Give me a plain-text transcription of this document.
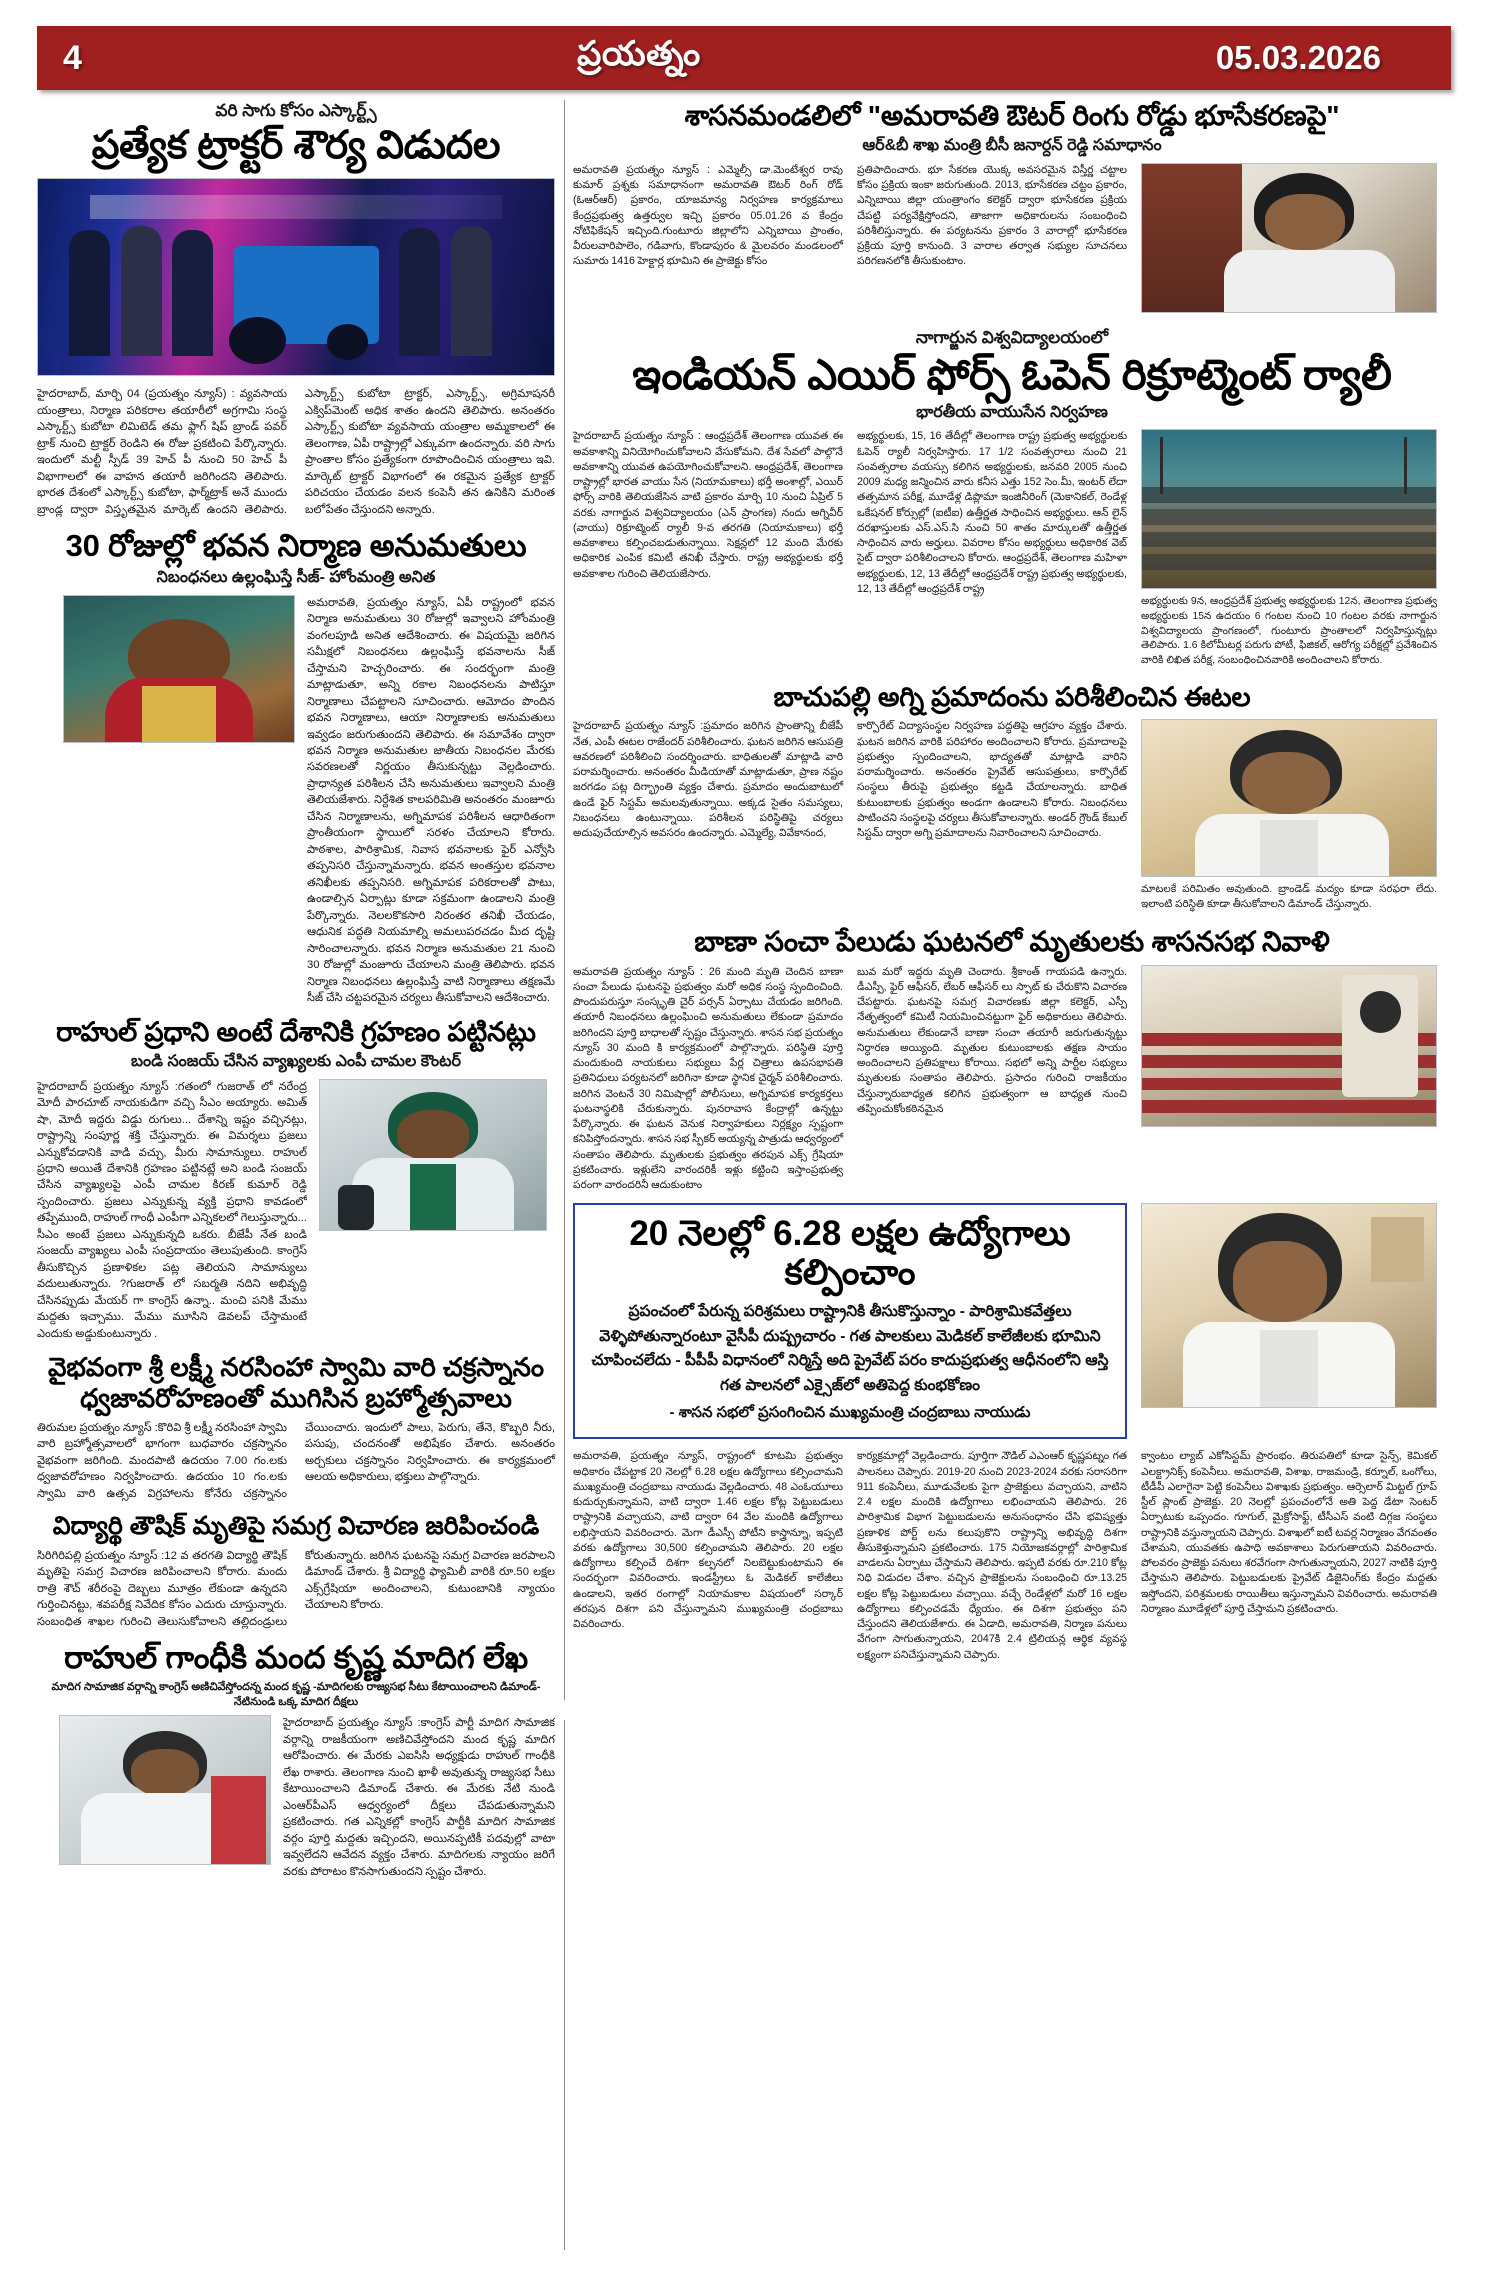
4	ప్రయత్నం	05.03.2026
వరి సాగు కోసం ఎస్కార్ట్స్
ప్రత్యేక ట్రాక్టర్ శౌర్య విడుదల
హైదరాబాద్, మార్చి 04 (ప్రయత్నం న్యూస్) : వ్యవసాయ యంత్రాలు, నిర్మాణ పరికరాల తయారీలో అగ్రగామి సంస్థ ఎస్కార్ట్స్ కుబోటా లిమిటెడ్ తమ ఫ్లాగ్ షిప్ బ్రాండ్ పవర్ ట్రాక్ నుంచి ట్రాక్టర్ రెండిని ఈ రోజు ప్రకటించి పేర్కొన్నారు. ఇందులో మల్టీ స్పీడ్ 39 హెచ్ పీ నుంచి 50 హెచ్ పీ విభాగాలలో ఈ వాహన తయారీ జరిగిందని తెలిపారు. భారత దేశంలో ఎస్కార్ట్స్ కుబోటా, ఫార్మ్‌ట్రాక్ అనే ముందు బ్రాండ్ల ద్వారా విస్తృతమైన మార్కెట్ ఉందని తెలిపారు. ఎస్కార్ట్స్ కుబోటా ట్రాక్టర్, ఎస్కార్ట్స్, అగ్రిమాషనరీ ఎక్విప్‌మెంట్ అధిక శాతం ఉందని తెలిపారు. అనంతరం ఎస్కార్ట్స్ కుబోటా వ్యవసాయ యంత్రాల అమ్మకాలలో ఈ తెలంగాణ, ఏపీ రాష్ట్రాల్లో ఎక్కువగా ఉందన్నారు. వరి సాగు ప్రాంతాల కోసం ప్రత్యేకంగా రూపొందించిన యంత్రాలు ఇవి. మార్కెట్ ట్రాక్టర్ విభాగంలో ఈ రకమైన ప్రత్యేక ట్రాక్టర్ పరిచయం చేయడం వలన కంపెనీ తన ఉనికిని మరింత బలోపేతం చేస్తుందని అన్నారు.
30 రోజుల్లో భవన నిర్మాణ అనుమతులు
నిబంధనలు ఉల్లంఘిస్తే సీజ్- హోంమంత్రి అనిత
అమరావతి, ప్రయత్నం న్యూస్, ఏపీ రాష్ట్రంలో భవన నిర్మాణ అనుమతులు 30 రోజుల్లో ఇవ్వాలని హోంమంత్రి వంగలపూడి అనిత ఆదేశించారు. ఈ విషయమై జరిగిన సమీక్షలో నిబంధనలు ఉల్లంఘిస్తే భవనాలను సీజ్ చేస్తామని హెచ్చరించారు. ఈ సందర్భంగా మంత్రి మాట్లాడుతూ, అన్ని రకాల నిబంధనలను పాటిస్తూ నిర్మాణాలు చేపట్టాలని సూచించారు. ఆమోదం పొందిన భవన నిర్మాణాలు, ఆయా నిర్మాణాలకు అనుమతులు ఇవ్వడం జరుగుతుందని తెలిపారు. ఈ సమావేశం ద్వారా భవన నిర్మాణ అనుమతుల జాతీయ నిబంధనల మేరకు సవరణలతో నిర్ణయం తీసుకున్నట్టు వెల్లడించారు. ప్రాధాన్యత పరిశీలన చేసి అనుమతులు ఇవ్వాలని మంత్రి తెలియజేశారు. నిర్దేశిత కాలపరిమితి అనంతరం మంజూరు చేసిన నిర్మాణాలను, అగ్నిమాపక పరిశీలన ఆధారితంగా ప్రాంతీయంగా స్థాయిలో సరళం చేయాలని కోరారు. పాఠశాల, పారిశ్రామిక, నివాస భవనాలకు ఫైర్ ఎన్వోసి తప్పనిసరి చేస్తున్నామన్నారు. భవన అంతస్తుల భవనాల తనిఖీలకు తప్పనిసరి. అగ్నిమాపక పరికరాలతో పాటు, ఉండాల్సిన ఏర్పాట్లు కూడా సక్రమంగా ఉండాలని మంత్రి పేర్కొన్నారు. నెలలకొకసారి నిరంతర తనిఖీ చేయడం, ఆధునిక పద్ధతి నియమాల్ని అమలుపరచడం మీద దృష్టి సారించాలన్నారు. భవన నిర్మాణ అనుమతుల 21 నుంచి 30 రోజుల్లో మంజూరు చేయాలని మంత్రి తెలిపారు. భవన నిర్మాణ నిబంధనలు ఉల్లంఘిస్తే వాటి నిర్మాణాలు తక్షణమే సీజ్ చేసి చట్టపరమైన చర్యలు తీసుకోవాలని ఆదేశించారు.
రాహుల్ ప్రధాని అంటే దేశానికి గ్రహణం పట్టినట్లు
బండి సంజయ్ చేసిన వ్యాఖ్యలకు ఎంపీ చామల కౌంటర్
హైదరాబాద్ ప్రయత్నం న్యూస్ :గతంలో గుజరాత్ లో నరేంద్ర మోదీ పారచూట్ నాయకుడిగా వచ్చి సీఎం అయ్యారు. అమిత్ షా, మోదీ ఇద్దరు విడ్డు రుగులు... దేశాన్ని ఇష్టం వచ్చినట్లు, రాష్ట్రాన్ని సంపూర్ణ శక్తి చేస్తున్నారు. ఈ విమర్శలు ప్రజలు ఎన్నుకోవడానికి వాడి వచ్చు, మీరు సామాన్యులు. రాహుల్ ప్రధాని అయితే దేశానికి గ్రహణం పట్టినట్లే అని బండి సంజయ్ చేసిన వ్యాఖ్యలపై ఎంపీ చామల కిరణ్ కుమార్ రెడ్డి స్పందించారు. ప్రజలు ఎన్నుకున్న వ్యక్తి ప్రధాని కావడంలో తప్పేముంది, రాహుల్ గాంధీ ఎంపీగా ఎన్నికలలో గెలుస్తున్నారు... సీఎం అంటే ప్రజలు ఎన్నుకున్నది ఒకరు. బీజేపీ నేత బండి సంజయ్ వ్యాఖ్యలు ఎంపీ సంప్రదాయం తెలుపుతుంది. కాంగ్రెస్ తీసుకొచ్చిన ప్రణాళికల పట్ల తెలియని సామాన్యులు వదులుతున్నారు. ?గుజరాత్ లో సబర్మతి నదిని అభివృద్ధి చేసినప్పుడు మేయర్ గా కాంగ్రెస్ ఉన్నా.. మంచి పనికి మేము మద్దతు ఇచ్చాము. మేము మూసిని డెవలప్ చేస్తామంటే ఎందుకు అడ్డుకుంటున్నారు .
వైభవంగా శ్రీ లక్ష్మీ నరసింహా స్వామి వారి చక్రస్నానం ధ్వజావరోహణంతో ముగిసిన బ్రహ్మోత్సవాలు
తిరుమల ప్రయత్నం న్యూస్ :కొరివి శ్రీ లక్ష్మీ నరసింహా స్వామి వారి బ్రహ్మోత్సవాలలో భాగంగా బుధవారం చక్రస్నానం వైభవంగా జరిగింది. మందపాటి ఉదయం 7.00 గం.లకు ధ్వజావరోహణం నిర్వహించారు. ఉదయం 10 గం.లకు స్వామి వారి ఉత్సవ విగ్రహాలను కోనేరు చక్రస్నానం చేయించారు. ఇందులో పాలు, పెరుగు, తేనె, కొబ్బరి నీరు, పసుపు, చందనంతో అభిషేకం చేశారు. అనంతరం అర్చకులు చక్రస్నానం నిర్వహించారు. ఈ కార్యక్రమంలో ఆలయ అధికారులు, భక్తులు పాల్గొన్నారు.
విద్యార్థి తౌషిక్ మృతిపై సమగ్ర విచారణ జరిపించండి
సిరిగిరిపల్లి ప్రయత్నం న్యూస్ :12 వ తరగతి విద్యార్థి తౌషిక్ మృతిపై సమగ్ర విచారణ జరిపించాలని కోరారు. మందు రాత్రి శౌచ్ శరీరంపై దెబ్బలు మూత్రం లేకుండా ఉన్నదని గుర్తించినట్టు, శవపరీక్ష నివేదిక కోసం ఎదురు చూస్తున్నారు. సంబంధిత శాఖల గురించి తెలుసుకోవాలని తల్లిదండ్రులు కోరుతున్నారు. జరిగిన ఘటనపై సమగ్ర విచారణ జరపాలని డిమాండ్ చేశారు. శ్రీ విద్యార్థి ఫ్యామిలీ వారికి రూ.50 లక్షల ఎక్స్‌గ్రేషియా అందించాలని, కుటుంబానికి న్యాయం చేయాలని కోరారు.
రాహుల్ గాంధీకి మంద కృష్ణ మాదిగ లేఖ
మాదిగ సామాజిక వర్గాన్ని కాంగ్రెస్ అణిచివేస్తోందన్న మంద కృష్ణ -మాదిగలకు రాజ్యసభ సీటు కేటాయించాలని డిమాండ్-నేటినుండి ఒక్క మాదిగ దీక్షలు
హైదరాబాద్ ప్రయత్నం న్యూస్ :కాంగ్రెస్ పార్టీ మాదిగ సామాజిక వర్గాన్ని రాజకీయంగా అణిచివేస్తోందని మంద కృష్ణ మాదిగ ఆరోపించారు. ఈ మేరకు ఎఐసిసి అధ్యక్షుడు రాహుల్ గాంధీకి లేఖ రాశారు. తెలంగాణ నుంచి ఖాళీ అవుతున్న రాజ్యసభ సీటు కేటాయించాలని డిమాండ్ చేశారు. ఈ మేరకు నేటి నుండి ఎంఆర్‌పీఎస్ ఆధ్వర్యంలో దీక్షలు చేపడుతున్నామని ప్రకటించారు. గత ఎన్నికల్లో కాంగ్రెస్ పార్టీకి మాదిగ సామాజిక వర్గం పూర్తి మద్దతు ఇచ్చిందని, అయినప్పటికీ పదవుల్లో వాటా ఇవ్వలేదని ఆవేదన వ్యక్తం చేశారు. మాదిగలకు న్యాయం జరిగే వరకు పోరాటం కొనసాగుతుందని స్పష్టం చేశారు.
శాసనమండలిలో "అమరావతి ఔటర్ రింగు రోడ్డు భూసేకరణపై"
ఆర్&బీ శాఖ మంత్రి బీసీ జనార్దన్ రెడ్డి సమాధానం
అమరావతి ప్రయత్నం న్యూస్ : ఎమ్మెల్సీ డా.మెంటేశ్వర రావు కుమార్ ప్రశ్నకు సమాధానంగా అమరావతి ఔటర్ రింగ్ రోడ్ (ఓఆర్‌ఆర్) ప్రకారం, యాజమాన్య నిర్వహణ కార్యక్రమాలు కేంద్రప్రభుత్వ ఉత్తర్వుల ఇచ్చి ప్రకారం 05.01.26 వ కేంద్రం నోటిఫికేషన్ ఇచ్చింది.గుంటూరు జిల్లాలోని ఎన్నిబాయి ప్రాంతం, వీరులవారిపాలెం, గడివాగు, కొండాపురం & మైలవరం మండలంలో సుమారు 1416 హెక్టార్ల భూమిని ఈ ప్రాజెక్టు కోసం
ప్రతిపాదించారు. భూ సేకరణ యొక్క అవసరమైన విస్తీర్ణ చట్టాల కోసం ప్రక్రియ ఇంకా జరుగుతుంది. 2013, భూసేకరణ చట్టం ప్రకారం, ఎన్నిబాయి జిల్లా యంత్రాంగం కలెక్టర్ ద్వారా భూసేకరణ ప్రక్రియ చేపట్టి పర్యవేక్షిస్తోందని, తాజాగా అధికారులను సంబంధించి పరిశీలిస్తున్నారు. ఈ పర్యటనను ప్రకారం 3 వారాల్లో భూసేకరణ ప్రక్రియ పూర్తి కానుంది. 3 వారాల తర్వాత సభ్యుల సూచనలు పరిగణనలోకి తీసుకుంటాం.
నాగార్జున విశ్వవిద్యాలయంలో
ఇండియన్ ఎయిర్ ఫోర్స్ ఓపెన్ రిక్రూట్మెంట్ ర్యాలీ
భారతీయ వాయుసేన నిర్వహణ
హైదరాబాద్ ప్రయత్నం న్యూస్ : ఆంధ్రప్రదేశ్ తెలంగాణ యువత ఈ అవకాశాన్ని వినియోగించుకోవాలని వేసుకోమని. దేశ సేవలో పాల్గొనే అవకాశాన్ని యువత ఉపయోగించుకోవాలని. ఆంధ్రప్రదేశ్, తెలంగాణ రాష్ట్రాల్లో భారత వాయు సేన (నియామకాలు) భర్తీ అంశాల్లో, ఎయిర్ ఫోర్స్ వారికి తెలియజేసిన వాటి ప్రకారం మార్చి 10 నుంచి ఏప్రిల్ 5 వరకు నాగార్జున విశ్వవిద్యాలయం (ఎన్ ప్రాంగణ) నందు అగ్నివీర్ (వాయు) రిక్రూట్మెంట్ ర్యాలీ 9-వ తరగతి (నియామకాలు) భర్తీ అవకాశాలు కల్పించబడుతున్నాయి. సెక్షన్లలో 12 మంది మేరకు అధికారిక ఎంపిక కమిటీ తనిఖీ చేస్తారు. రాష్ట్ర అభ్యర్థులకు భర్తీ అవకాశాల గురించి తెలియజేసారు.
అభ్యర్థులకు, 15, 16 తేదీల్లో తెలంగాణ రాష్ట్ర ప్రభుత్వ అభ్యర్థులకు ఓపెన్ ర్యాలీ నిర్వహిస్తారు. 17 1/2 సంవత్సరాలు నుంచి 21 సంవత్సరాల వయస్సు కలిగిన అభ్యర్థులకు, జనవరి 2005 నుంచి 2009 మధ్య జన్మించిన వారు కనీస ఎత్తు 152 సెం.మీ, ఇంటర్ లేదా తత్సమాన పరీక్ష, మూడేళ్ల డిప్లొమా ఇంజినీరింగ్ (మెకానికల్, రెండేళ్ల ఒకేషనల్ కోర్సుల్లో (ఐటీఐ) ఉత్తీర్ణత సాధించిన అభ్యర్థులు. ఆన్ లైన్ దరఖాస్తులకు ఎస్.ఎస్.సి నుంచి 50 శాతం మార్కులతో ఉత్తీర్ణత సాధించిన వారు అర్హులు. వివరాల కోసం అభ్యర్థులు అధికారిక వెబ్ సైట్ ద్వారా పరిశీలించాలని కోరారు. ఆంధ్రప్రదేశ్, తెలంగాణ మహిళా అభ్యర్థులకు, 12, 13 తేదీల్లో ఆంధ్రప్రదేశ్ రాష్ట్ర ప్రభుత్వ అభ్యర్థులకు, 12, 13 తేదీల్లో ఆంధ్రప్రదేశ్ రాష్ట్ర
అభ్యర్థులకు 9న, ఆంధ్రప్రదేశ్ ప్రభుత్వ అభ్యర్థులకు 12న, తెలంగాణ ప్రభుత్వ అభ్యర్థులకు 15న ఉదయం 6 గంటల నుంచి 10 గంటల వరకు నాగార్జున విశ్వవిద్యాలయ ప్రాంగణంలో, గుంటూరు ప్రాంతాలలో నిర్వహిస్తున్నట్లు తెలిపారు. 1.6 కిలోమీటర్ల పరుగు పోటీ, ఫిజికల్, ఆరోగ్య పరీక్షల్లో ప్రవేశించిన వారికి లిఖిత పరీక్ష, సంబంధించినవారికి అందించాలని కోరారు.
బాచుపల్లి అగ్ని ప్రమాదంను పరిశీలించిన ఈటల
హైదరాబాద్ ప్రయత్నం న్యూస్ :ప్రమాదం జరిగిన ప్రాంతాన్ని బీజేపీ నేత, ఎంపీ ఈటల రాజేందర్ పరిశీలించారు. ఘటన జరిగిన ఆసుపత్రి ఆవరణలో పరిశీలించి సందర్శించారు. బాధితులతో మాట్లాడి వారి పరామర్శించారు. అనంతరం మీడియాతో మాట్లాడుతూ, ప్రాణ నష్టం జరగడం పట్ల దిగ్భ్రాంతి వ్యక్తం చేశారు. ప్రమాదం అందుబాటులో ఉండే ఫైర్ సిస్టమ్ అమలవుతున్నాయి. అక్కడ సైతం సమస్యలు, నిబంధనలు ఉంటున్నాయి. పరిశీలన పరిస్థితిపై చర్యలు అదుపుచేయాల్సిన అవసరం ఉందన్నారు. ఎమ్మెల్యే, వివేకానంద,
కార్పొరేట్ విద్యాసంస్థల నిర్వహణ పద్ధతిపై ఆగ్రహం వ్యక్తం చేశారు. ఘటన జరిగిన వారికి పరిహారం అందించాలని కోరారు. ప్రమాదాలపై ప్రభుత్వం స్పందించాలని, భాద్యతతో మాట్లాడి వారిని పరామర్శించారు. అనంతరం ప్రైవేట్ ఆసుపత్రులు, కార్పొరేట్ సంస్థలు తీరుపై ప్రభుత్వం కట్టడి చేయాలన్నారు. బాధిత కుటుంబాలకు ప్రభుత్వం అండగా ఉండాలని కోరారు. నిబంధనలు పాటించని సంస్థలపై చర్యలు తీసుకోవాలన్నారు. అండర్ గ్రౌండ్ కేబుల్ సిస్టమ్ ద్వారా అగ్ని ప్రమాదాలను నివారించాలని సూచించారు.
మాటలకే పరిమితం అవుతుంది. బ్రాండెడ్ మద్యం కూడా సరఫరా లేదు. ఇలాంటి పరిస్థితి కూడా తీసుకోవాలని డిమాండ్ చేస్తున్నారు.
బాణా సంచా పేలుడు ఘటనలో మృతులకు శాసనసభ నివాళి
అమరావతి ప్రయత్నం న్యూస్ : 26 మంది మృతి చెందిన బాణా సంచా పేలుడు ఘటనపై ప్రభుత్వం మరో అధిక సంస్థ స్పందించింది. పొందుపరుస్తూ సంస్కృతి చైర్ పర్సన్ ఏర్పాటు చేయడం జరిగింది. తయారీ నిబంధనలు ఉల్లంఘించి అనుమతులు లేకుండా ప్రమాదం జరిగిందని పూర్తి బాధాలతో స్పష్టం చేస్తున్నారు. శాసన సభ ప్రయత్నం న్యూస్ 30 మంది కి కార్యక్రమంలో పాల్గొన్నారు. పరిస్థితి పూర్తి మందుకుంది నాయకులు సభ్యులు పేర్ల చిత్రాలు ఉపసభాపతి ప్రతినిధులు పర్యటనలో జరిగినా కూడా స్థానిక చైర్మన్ పరిశీలించారు. జరిగిన వెంటనే 30 నిమిషాల్లో పోలీసులు, అగ్నిమాపక కార్యకర్తలు ఘటనాస్థలికి చేరుకున్నారు. పునరావాస కేంద్రాల్లో ఉన్నట్టు పేర్కొన్నారు. ఈ ఘటన వెనుక నిర్వాహకులు నిర్లక్ష్యం స్పష్టంగా కనిపిస్తోందన్నారు. శాసన సభ స్పీకర్ అయ్యన్న పాత్రుడు ఆధ్వర్యంలో సంతాపం తెలిపారు. మృతులకు ప్రభుత్వం తరపున ఎక్స్ గ్రేషియా ప్రకటించారు. ఇళ్లులేని వారందరికీ ఇళ్లు కట్టించి ఇస్తాంప్రభుత్వ పరంగా వారందరినీ ఆదుకుంటాం
బువ మరో ఇద్దరు మృతి చెందారు. శ్రీకాంత్ గాయపడి ఉన్నారు. డీఎస్పీ, ఫైర్ ఆఫీసర్, లేబర్ ఆఫీసర్ లు స్పాట్ కు చేరుకొని విచారణ చేపట్టారు. ఘటనపై సమగ్ర విచారణకు జిల్లా కలెక్టర్, ఎస్పీ నేతృత్వంలో కమిటీ నియమించినట్టుగా ఫైర్ అధికారులు తెలిపారు. అనుమతులు లేకుండానే బాణా సంచా తయారీ జరుగుతున్నట్టు నిర్ధారణ అయ్యింది. మృతుల కుటుంబాలకు తక్షణ సాయం అందించాలని ప్రతిపక్షాలు కోరాయి. సభలో అన్ని పార్టీల సభ్యులు మృతులకు సంతాపం తెలిపారు. ప్రసాదం గురించి రాజకీయం చేస్తున్నారుబాధ్యత కలిగిన ప్రభుత్వంగా ఆ బాధ్యత నుంచి తప్పించుకోంకఠినమైన
20 నెలల్లో 6.28 లక్షల ఉద్యోగాలు కల్పించాం
ప్రపంచంలో పేరున్న పరిశ్రమలు రాష్ట్రానికి తీసుకొస్తున్నాం - పారిశ్రామికవేత్తలు
వెళ్ళిపోతున్నారంటూ వైసీపీ దుష్ప్రచారం - గత పాలకులు మెడికల్ కాలేజీలకు భూమిని
చూపించలేదు - పీపీపీ విధానంలో నిర్మిస్తే అది ప్రైవేట్ పరం కాదుప్రభుత్వ ఆధీనంలోని ఆస్తి
గత పాలనలో ఎక్సైజ్‌లో అతిపెద్ద కుంభకోణం
- శాసన సభలో ప్రసంగించిన ముఖ్యమంత్రి చంద్రబాబు నాయుడు
అమరావతి, ప్రయత్నం న్యూస్, రాష్ట్రంలో కూటమి ప్రభుత్వం అధికారం చేపట్టాక 20 నెలల్లో 6.28 లక్షల ఉద్యోగాలు కల్పించామని ముఖ్యమంత్రి చంద్రబాబు నాయుడు వెల్లడించారు. 48 ఎంఓయూలు కుదుర్చుకున్నామని, వాటి ద్వారా 1.46 లక్షల కోట్ల పెట్టుబడులు రాష్ట్రానికి వచ్చాయని, వాటి ద్వారా 64 వేల మందికి ఉద్యోగాలు లభిస్తాయని వివరించారు. మెగా డీఎస్సీ పోటీని కాస్త్రాన్నూ, ఇప్పటి వరకు ఉద్యోగాలు 30,500 కల్పించామని తెలిపారు. 20 లక్షల ఉద్యోగాలు కల్పించే దిశగా కల్పనలో నిలబెట్టుకుంటామని ఈ సందర్భంగా వివరించారు. ఇండస్ట్రీలు ఓ మెడికల్ కాలేజీలు ఉండాలని, ఇతర రంగాల్లో నియామకాల విషయంలో సర్కార్ తరపున దిశగా పని చేస్తున్నామని ముఖ్యమంత్రి చంద్రబాబు వివరించారు.
కార్యక్రమాల్లో వెల్లడించారు. పూర్తిగా నౌడిల్ ఎఎంఆర్ కృష్ణపట్నం గత పాలనలు చెప్పారు. 2019-20 నుంచి 2023-2024 వరకు సరాసరిగా 911 కంపెనీలు, మూడువేలకు పైగా ప్రాజెక్టులు వచ్చాయని, వాటిని 2.4 లక్షల మందికి ఉద్యోగాలు లభించాయని తెలిపారు. 26 పారిశ్రామిక విభాగ పెట్టుబడులను అనుసంధానం చేసి భవిష్యత్తు ప్రణాళిక పోర్ట్ లను కలుపుకొని రాష్ట్రాన్ని అభివృద్ధి దిశగా తీసుకెళ్తున్నామని ప్రకటించారు. 175 నియోజకవర్గాల్లో పారిశ్రామిక వాడలను ఏర్పాటు చేస్తామని తెలిపారు. ఇప్పటి వరకు రూ.210 కోట్ల నిధి విడుదల చేశాం. వచ్చిన ప్రాజెక్టులను సంబంధించి రూ.13.25 లక్షల కోట్ల పెట్టుబడులు వచ్చాయి. వచ్చే రెండేళ్లలో మరో 16 లక్షల ఉద్యోగాలు కల్పించడమే ధ్యేయం. ఈ దిశగా ప్రభుత్వం పని చేస్తుందని తెలియజేశారు. ఈ ఏడాది, అమరావతి, నిర్మాణ పనులు వేగంగా సాగుతున్నాయని, 2047కి 2.4 ట్రిలియన్ల ఆర్థిక వ్యవస్థ లక్ష్యంగా పనిచేస్తున్నామని చెప్పారు.
క్వాంటం ల్యాబ్ ఎకోసిస్టమ్ ప్రారంభం. తిరుపతిలో కూడా సైన్స్, కెమికల్ ఎలక్ట్రానిక్స్ కంపెనీలు. అమరావతి, విశాఖ, రాజమండ్రి, కర్నూల్, ఒంగోలు, టీడీపీ ఎలాగైనా పెట్టి కంపెనీలు విశాఖకు ప్రభుత్వం. ఆర్సెలార్ మిట్టల్ గ్రూప్ స్టీల్ ప్లాంట్ ప్రాజెక్టు. 20 నెలల్లో ప్రపంచంలోనే అతి పెద్ద డేటా సెంటర్ ఏర్పాటుకు ఒప్పందం. గూగుల్, మైక్రోసాఫ్ట్, టీసీఎస్ వంటి దిగ్గజ సంస్థలు రాష్ట్రానికి వస్తున్నాయని చెప్పారు. విశాఖలో ఐటీ టవర్ల నిర్మాణం వేగవంతం చేశామని, యువతకు ఉపాధి అవకాశాలు పెరుగుతాయని వివరించారు. పోలవరం ప్రాజెక్టు పనులు శరవేగంగా సాగుతున్నాయని, 2027 నాటికి పూర్తి చేస్తామని తెలిపారు. పెట్టుబడులకు ప్రైవేట్ డిజైనింగ్‌కు కేంద్రం మద్దతు ఇస్తోందని, పరిశ్రమలకు రాయితీలు ఇస్తున్నామని వివరించారు. అమరావతి నిర్మాణం మూడేళ్లలో పూర్తి చేస్తామని ప్రకటించారు.
